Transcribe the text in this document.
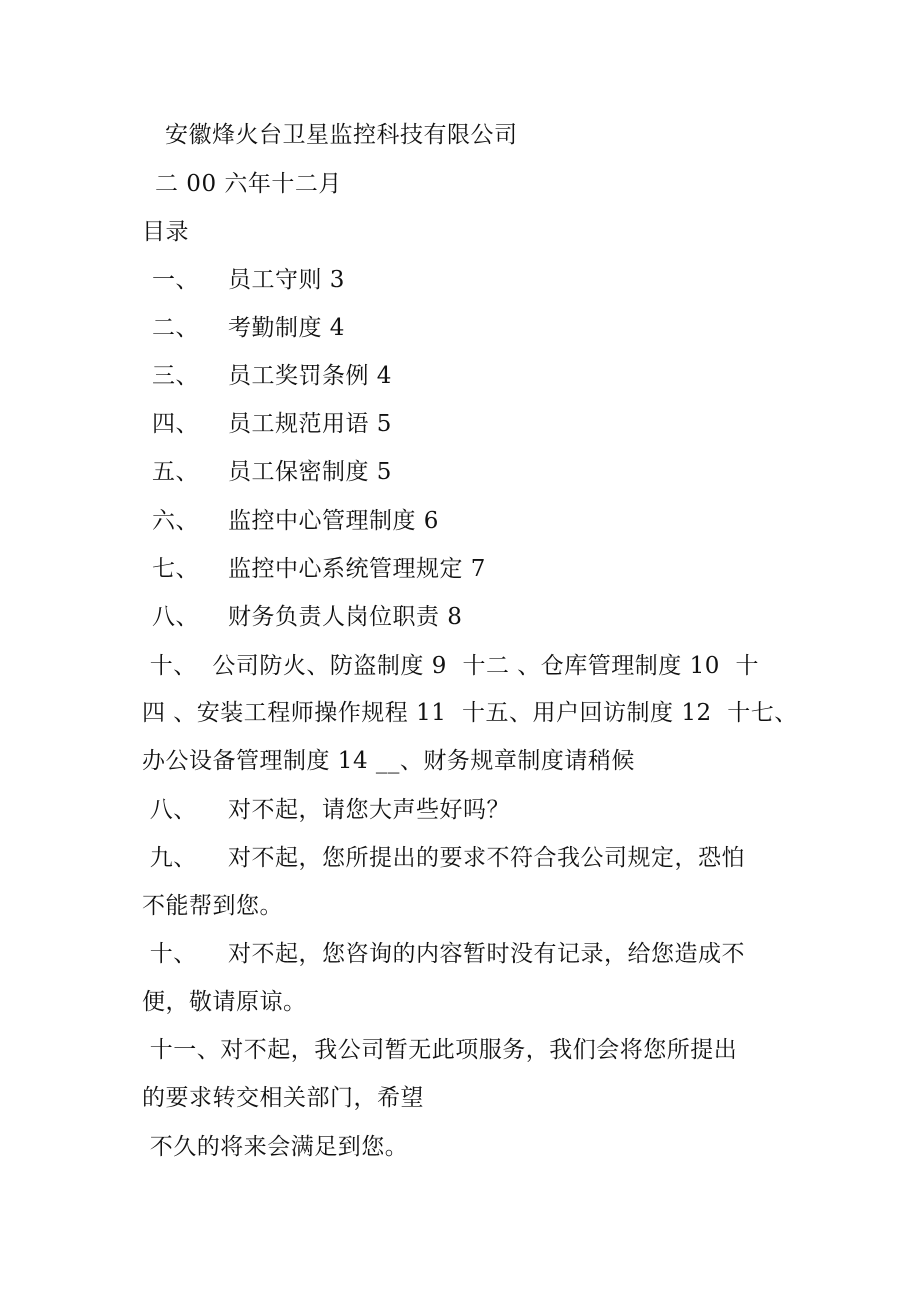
安徽烽火台卫星监控科技有限公司
二 00 六年十二月
目录
一、 员工守则 3
二、 考勤制度 4
三、 员工奖罚条例 4
四、 员工规范用语 5
五、 员工保密制度 5
六、 监控中心管理制度 6
七、 监控中心系统管理规定 7
八、 财务负责人岗位职责 8
十、  公司防火、防盗制度 9  十二 、仓库管理制度 10  十
四 、安装工程师操作规程 11  十五、用户回访制度 12  十七、
办公设备管理制度 14 __、财务规章制度请稍候
八、    对不起，请您大声些好吗？
九、    对不起，您所提出的要求不符合我公司规定，恐怕
不能帮到您。
十、    对不起，您咨询的内容暂时没有记录，给您造成不
便，敬请原谅。
十一、对不起，我公司暂无此项服务，我们会将您所提出
的要求转交相关部门，希望
不久的将来会满足到您。
